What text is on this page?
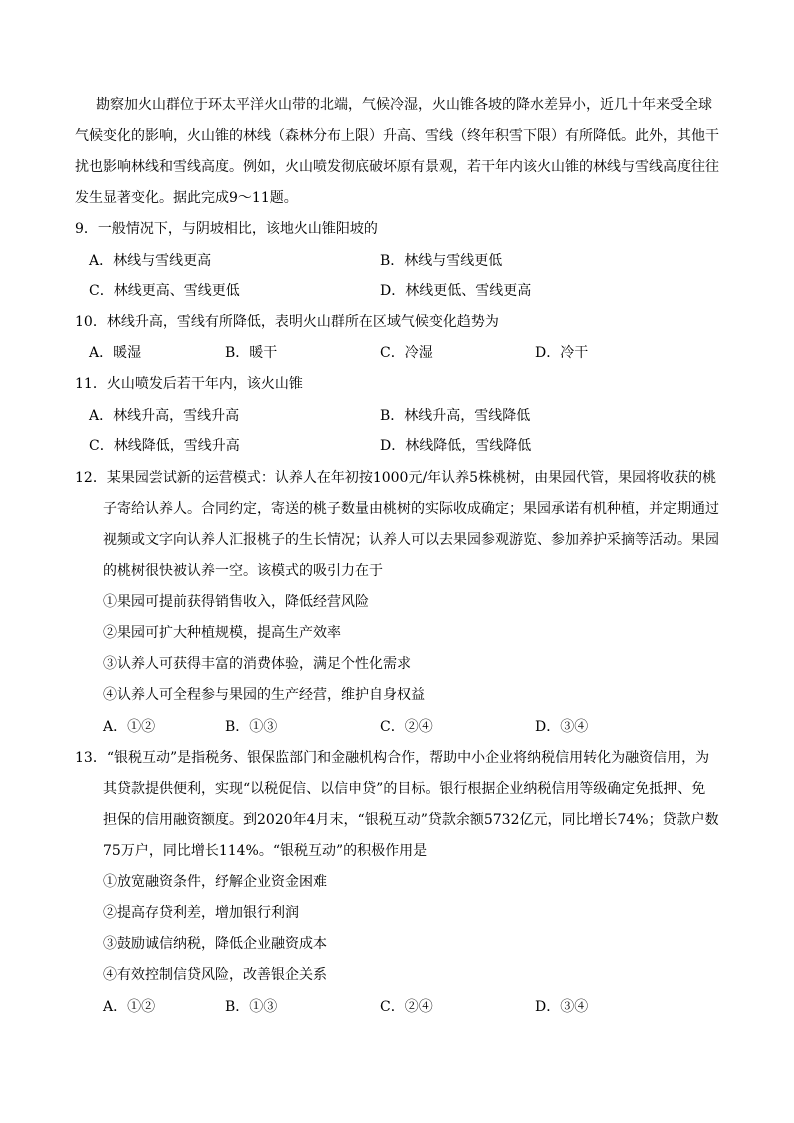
勘察加火山群位于环太平洋火山带的北端，气候冷湿，火山锥各坡的降水差异小，近几十年来受全球
气候变化的影响，火山锥的林线（森林分布上限）升高、雪线（终年积雪下限）有所降低。此外，其他干
扰也影响林线和雪线高度。例如，火山喷发彻底破坏原有景观，若干年内该火山锥的林线与雪线高度往往
发生显著变化。据此完成9～11题。
9．一般情况下，与阴坡相比，该地火山锥阳坡的
A．林线与雪线更高	B．林线与雪线更低
C．林线更高、雪线更低	D．林线更低、雪线更高
10．林线升高，雪线有所降低，表明火山群所在区域气候变化趋势为
A．暖湿	B．暖干	C．冷湿	D．冷干
11．火山喷发后若干年内，该火山锥
A．林线升高，雪线升高	B．林线升高，雪线降低
C．林线降低，雪线升高	D．林线降低，雪线降低
12．某果园尝试新的运营模式：认养人在年初按1000元/年认养5株桃树，由果园代管，果园将收获的桃
子寄给认养人。合同约定，寄送的桃子数量由桃树的实际收成确定；果园承诺有机种植，并定期通过
视频或文字向认养人汇报桃子的生长情况；认养人可以去果园参观游览、参加养护采摘等活动。果园
的桃树很快被认养一空。该模式的吸引力在于
①果园可提前获得销售收入，降低经营风险
②果园可扩大种植规模，提高生产效率
③认养人可获得丰富的消费体验，满足个性化需求
④认养人可全程参与果园的生产经营，维护自身权益
A．①②	B．①③	C．②④	D．③④
13．“银税互动”是指税务、银保监部门和金融机构合作，帮助中小企业将纳税信用转化为融资信用，为
其贷款提供便利，实现“以税促信、以信申贷”的目标。银行根据企业纳税信用等级确定免抵押、免
担保的信用融资额度。到2020年4月末，“银税互动”贷款余额5732亿元，同比增长74%；贷款户数
75万户，同比增长114%。“银税互动”的积极作用是
①放宽融资条件，纾解企业资金困难
②提高存贷利差，增加银行利润
③鼓励诚信纳税，降低企业融资成本
④有效控制信贷风险，改善银企关系
A．①②	B．①③	C．②④	D．③④
